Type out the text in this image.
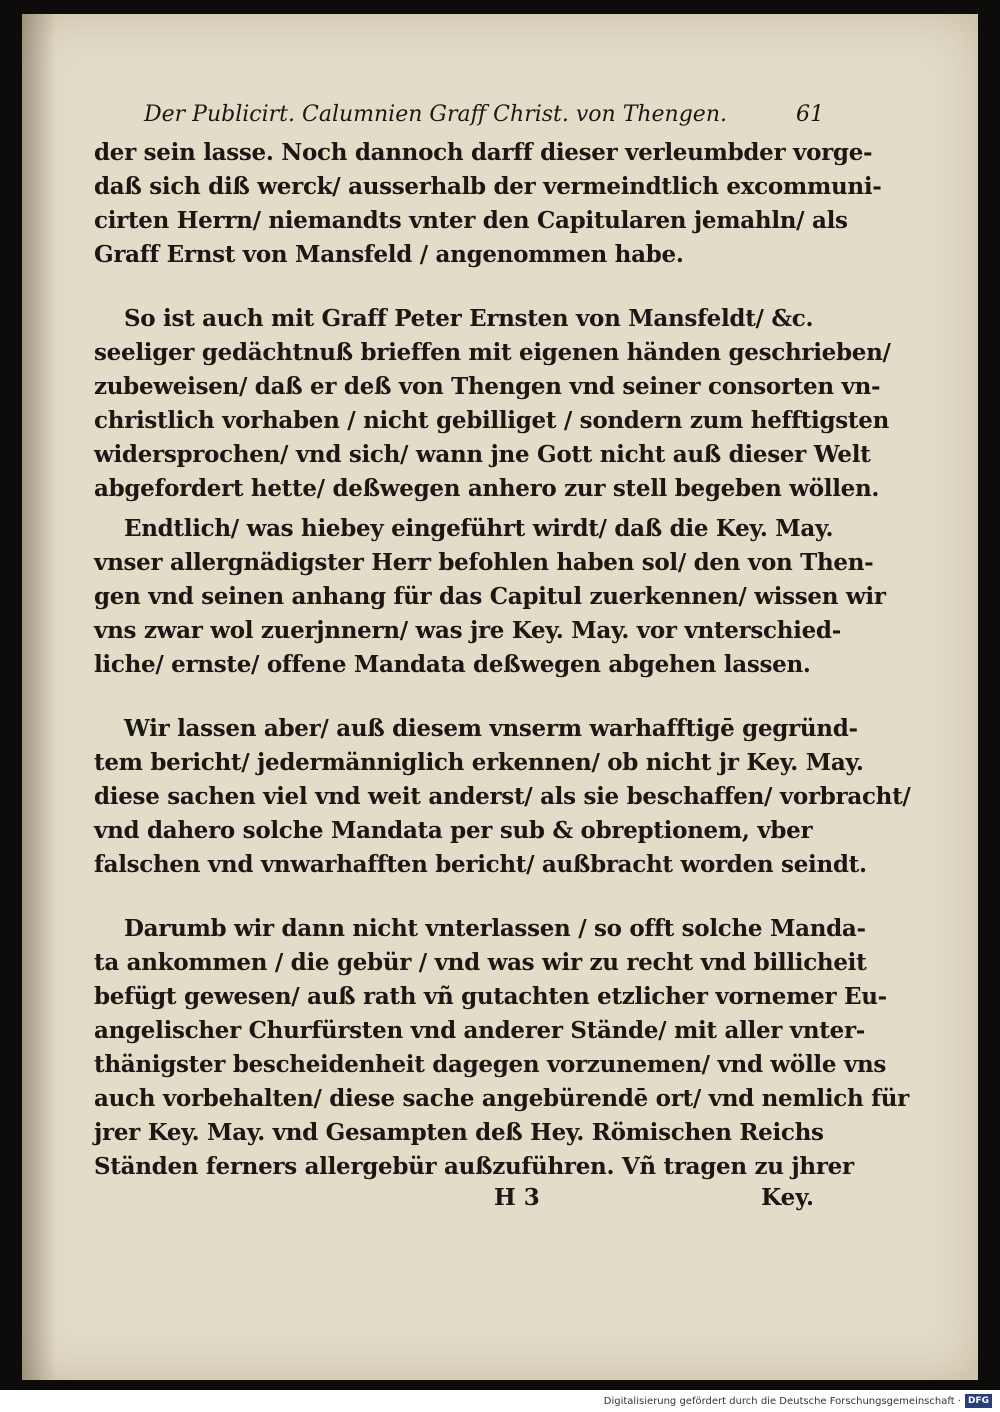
Der Publicirt. Calumnien Graff Christ. von Thengen.	61
der sein lasse. Noch dannoch darff dieser verleumbder vorge-
daß sich diß werck/ ausserhalb der vermeindtlich excommuni-
cirten Herrn/ niemandts vnter den Capitularen jemahln/ als
Graff Ernst von Mansfeld / angenommen habe.
So ist auch mit Graff Peter Ernsten von Mansfeldt/ &c.
seeliger gedächtnuß brieffen mit eigenen händen geschrieben/
zubeweisen/ daß er deß von Thengen vnd seiner consorten vn-
christlich vorhaben / nicht gebilliget / sondern zum hefftigsten
widersprochen/ vnd sich/ wann jne Gott nicht auß dieser Welt
abgefordert hette/ deßwegen anhero zur stell begeben wöllen.
Endtlich/ was hiebey eingeführt wirdt/ daß die Key. May.
vnser allergnädigster Herr befohlen haben sol/ den von Then-
gen vnd seinen anhang für das Capitul zuerkennen/ wissen wir
vns zwar wol zuerjnnern/ was jre Key. May. vor vnterschied-
liche/ ernste/ offene Mandata deßwegen abgehen lassen.
Wir lassen aber/ auß diesem vnserm warhafftigē gegründ-
tem bericht/ jedermänniglich erkennen/ ob nicht jr Key. May.
diese sachen viel vnd weit anderst/ als sie beschaffen/ vorbracht/
vnd dahero solche Mandata per sub & obreptionem, vber
falschen vnd vnwarhafften bericht/ außbracht worden seindt.
Darumb wir dann nicht vnterlassen / so offt solche Manda-
ta ankommen / die gebür / vnd was wir zu recht vnd billicheit
befügt gewesen/ auß rath vñ gutachten etzlicher vornemer Eu-
angelischer Churfürsten vnd anderer Stände/ mit aller vnter-
thänigster bescheidenheit dagegen vorzunemen/ vnd wölle vns
auch vorbehalten/ diese sache angebürendē ort/ vnd nemlich für
jrer Key. May. vnd Gesampten deß Hey. Römischen Reichs
Ständen ferners allergebür außzuführen. Vñ tragen zu jhrer
H 3	Key.
Digitalisierung gefördert durch die Deutsche Forschungsgemeinschaft · DFG
